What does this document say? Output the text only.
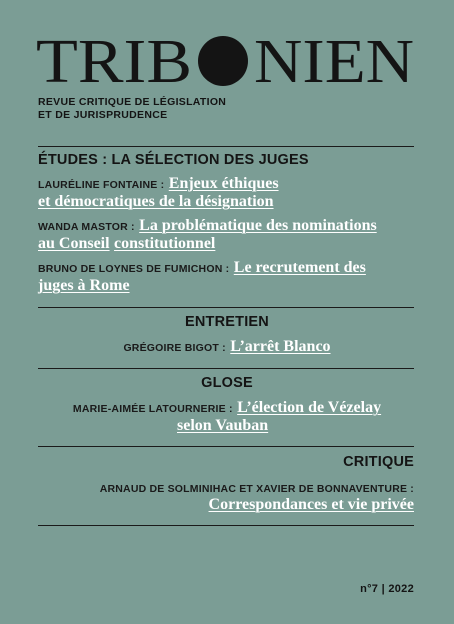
TRIB NIEN
REVUE CRITIQUE DE LÉGISLATION
ET DE JURISPRUDENCE
ÉTUDES : LA SÉLECTION DES JUGES
LAURÉLINE FONTAINE : Enjeux éthiques
et démocratiques de la désignation
WANDA MASTOR : La problématique des nominations
au Conseil constitutionnel
BRUNO DE LOYNES DE FUMICHON : Le recrutement des
juges à Rome
ENTRETIEN
GRÉGOIRE BIGOT : L’arrêt Blanco
GLOSE
MARIE-AIMÉE LATOURNERIE : L’élection de Vézelay
selon Vauban
CRITIQUE
ARNAUD DE SOLMINIHAC ET XAVIER DE BONNAVENTURE :
Correspondances et vie privée
n°7 | 2022
